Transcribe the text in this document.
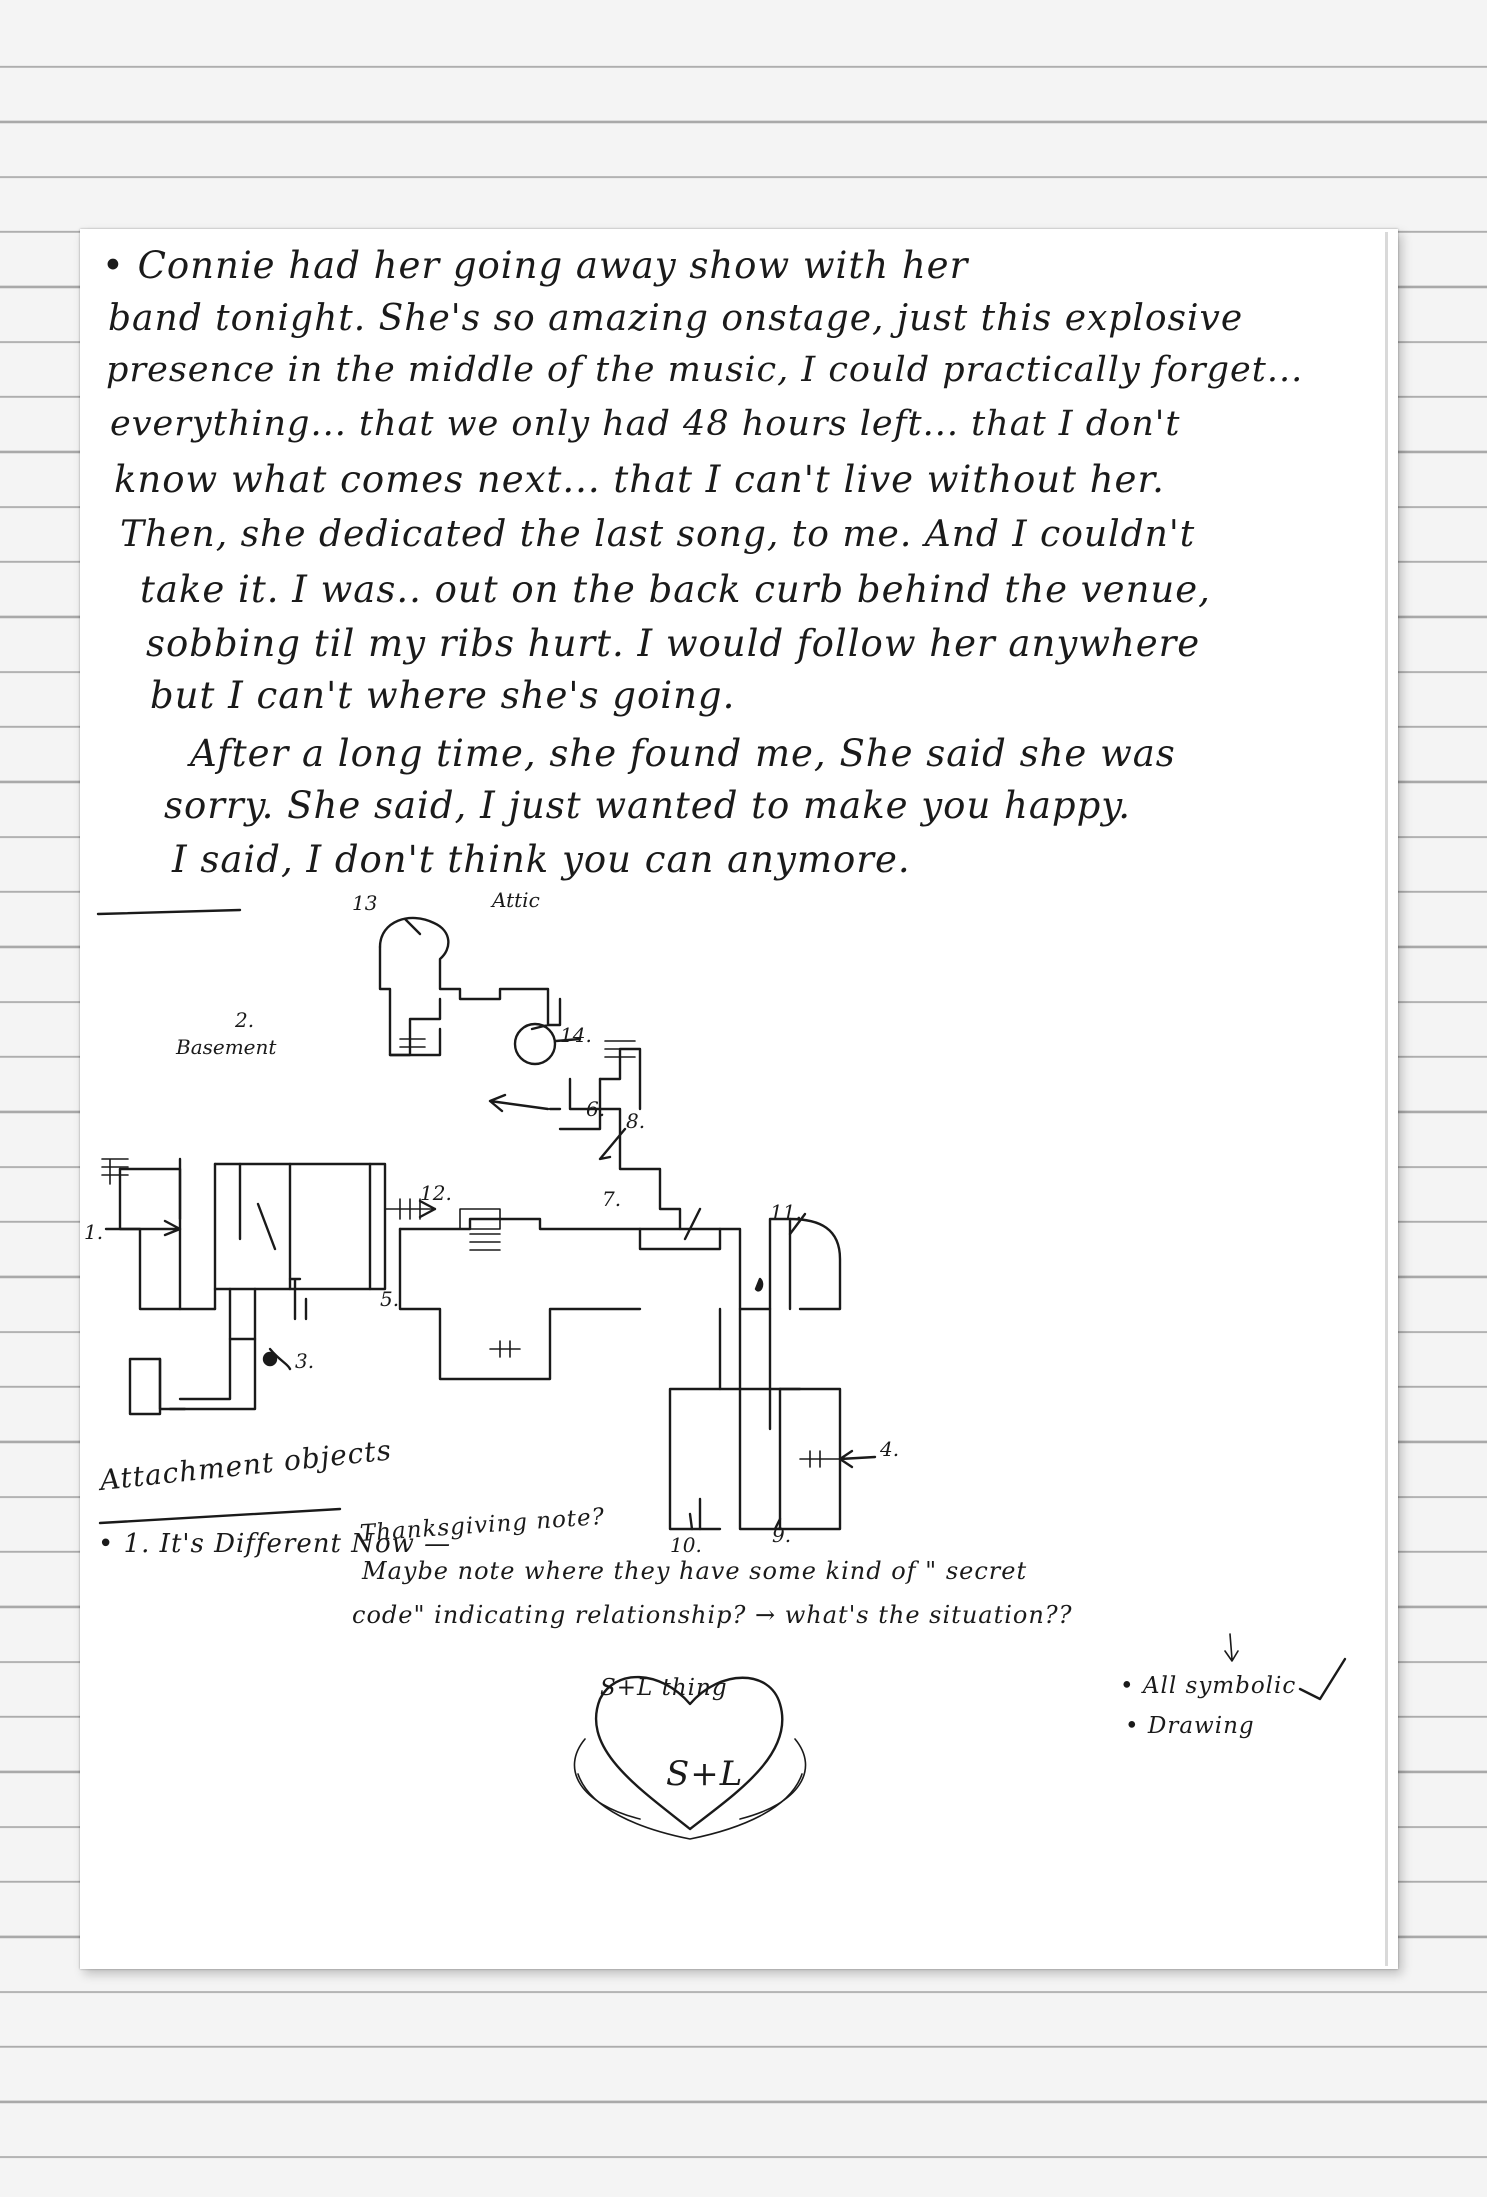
• Connie had her going away show with her

band tonight. She's so amazing onstage, just this explosive

presence in the middle of the music, I could practically forget...

everything... that we only had 48 hours left... that I don't

know what comes next... that I can't live without her.

Then, she dedicated the last song, to me. And I couldn't

take it. I was.. out on the back curb behind the venue,

sobbing til my ribs hurt. I would follow her anywhere

but I can't where she's going.

After a long time, she found me, She said she was

sorry. She said, I just wanted to make you happy.

I said, I don't think you can anymore.

Attic

13

14.

2.

Basement

1.

5.

3.

6. 8.

7.

12.

11.

4.

10.	9.

Attachment objects

• 1. It's Different Now —

Thanksgiving note?

Maybe note where they have some kind of " secret

code" indicating relationship? → what's the situation??

S+L thing

S+L

• All symbolic

• Drawing
